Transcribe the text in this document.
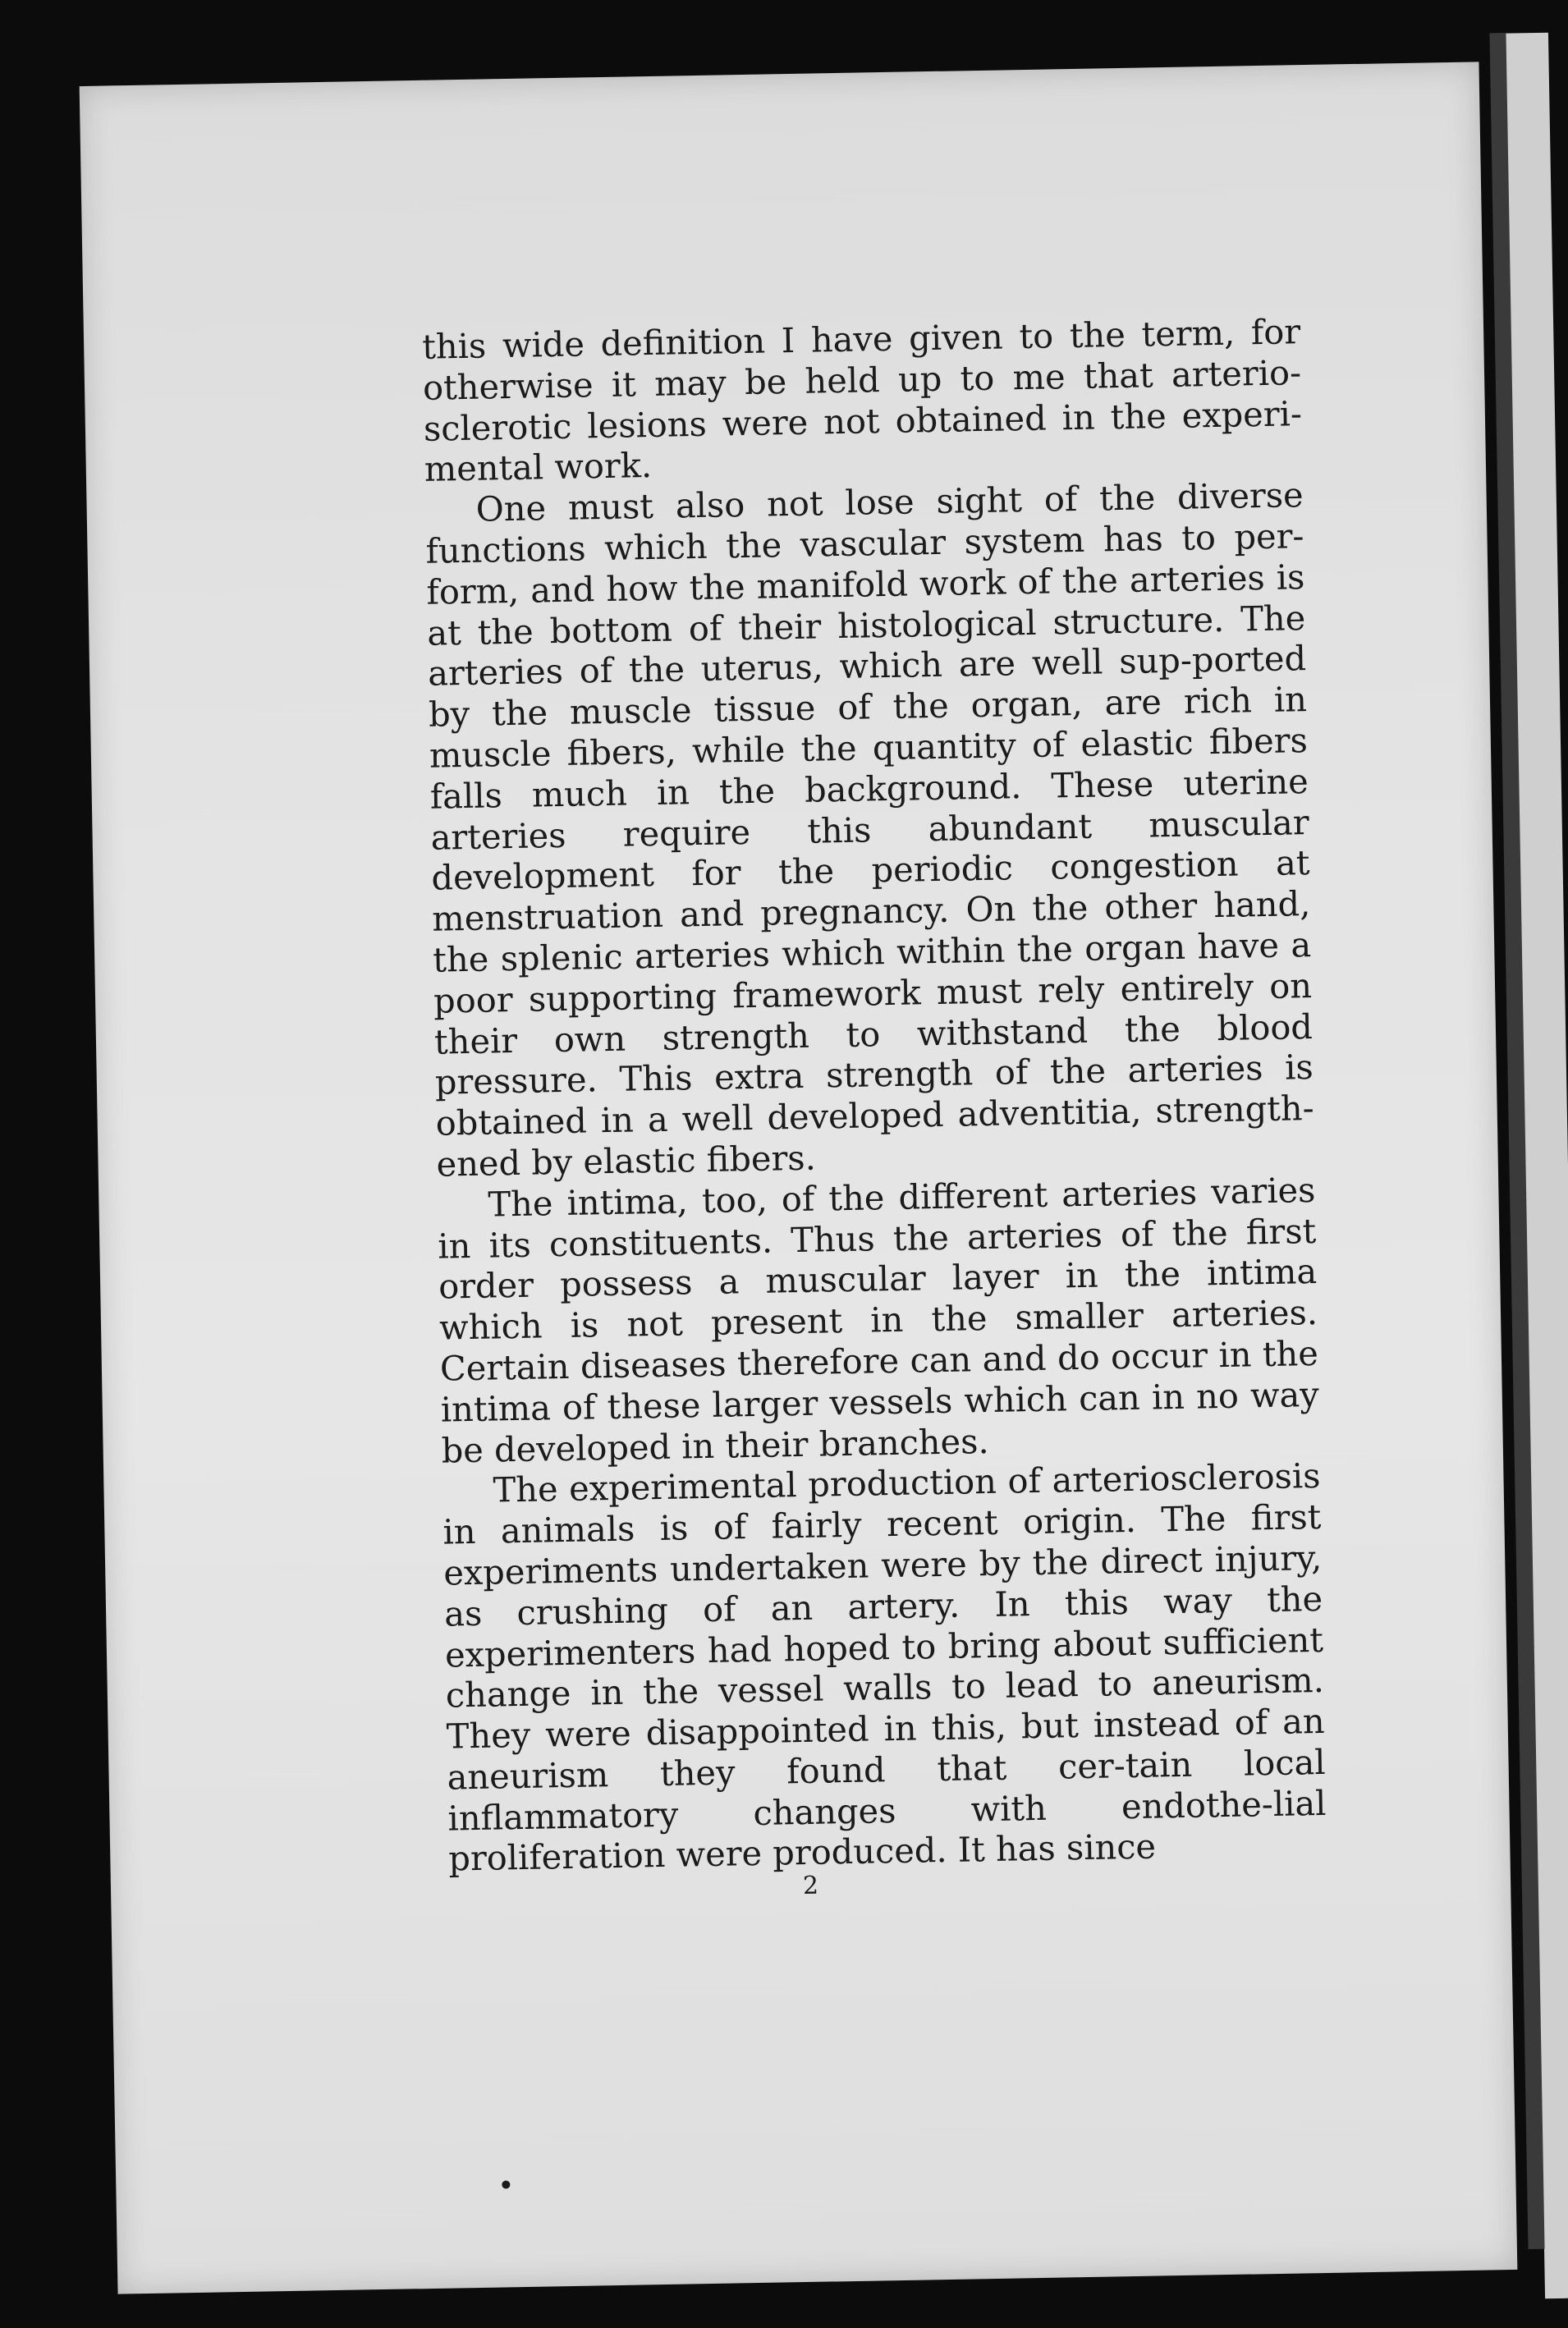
this wide definition I have given to the term, for otherwise it may be held up to me that arterio-sclerotic lesions were not obtained in the experi-mental work.

One must also not lose sight of the diverse functions which the vascular system has to per-form, and how the manifold work of the arteries is at the bottom of their histological structure. The arteries of the uterus, which are well sup-ported by the muscle tissue of the organ, are rich in muscle fibers, while the quantity of elastic fibers falls much in the background. These uterine arteries require this abundant muscular development for the periodic congestion at menstruation and pregnancy. On the other hand, the splenic arteries which within the organ have a poor supporting framework must rely entirely on their own strength to withstand the blood pressure. This extra strength of the arteries is obtained in a well developed adventitia, strength-ened by elastic fibers.

The intima, too, of the different arteries varies in its constituents. Thus the arteries of the first order possess a muscular layer in the intima which is not present in the smaller arteries. Certain diseases therefore can and do occur in the intima of these larger vessels which can in no way be developed in their branches.

The experimental production of arteriosclerosis in animals is of fairly recent origin. The first experiments undertaken were by the direct injury, as crushing of an artery. In this way the experimenters had hoped to bring about sufficient change in the vessel walls to lead to aneurism. They were disappointed in this, but instead of an aneurism they found that cer-tain local inflammatory changes with endothe-lial proliferation were produced. It has since

2
